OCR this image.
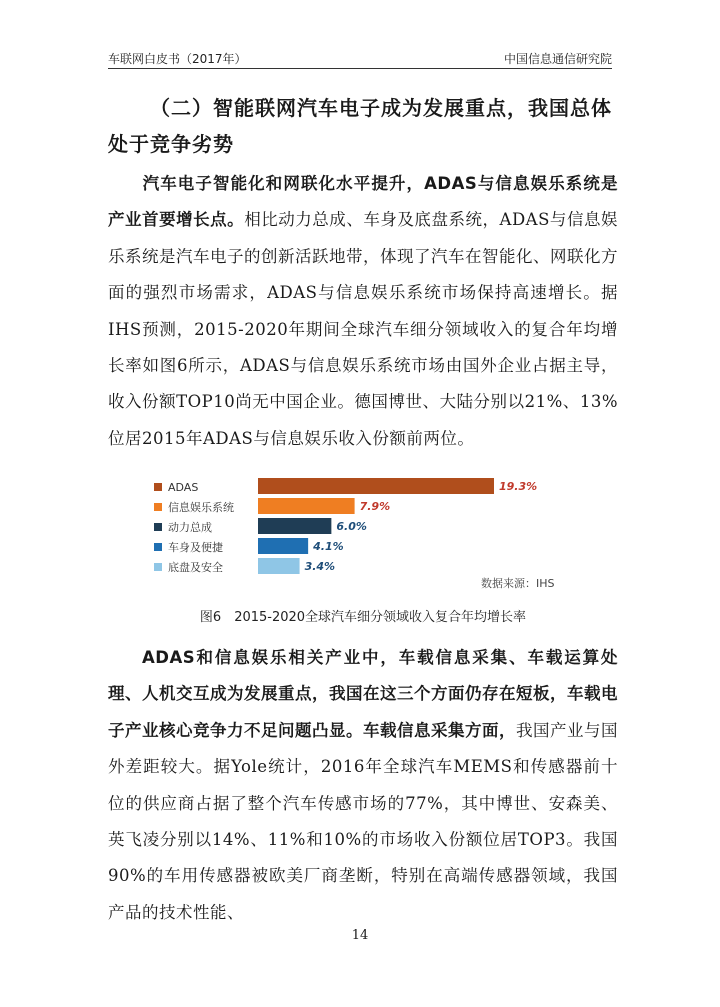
车联网白皮书（2017年）	中国信息通信研究院
（二）智能联网汽车电子成为发展重点，我国总体处于竞争劣势
汽车电子智能化和网联化水平提升，ADAS与信息娱乐系统是产业首要增长点。相比动力总成、车身及底盘系统，ADAS与信息娱乐系统是汽车电子的创新活跃地带，体现了汽车在智能化、网联化方面的强烈市场需求，ADAS与信息娱乐系统市场保持高速增长。据IHS预测，2015-2020年期间全球汽车细分领域收入的复合年均增长率如图6所示，ADAS与信息娱乐系统市场由国外企业占据主导，收入份额TOP10尚无中国企业。德国博世、大陆分别以21%、13%位居2015年ADAS与信息娱乐收入份额前两位。
19.3%
7.9%
6.0%
4.1%
3.4%
ADAS
信息娱乐系统
动力总成
车身及便捷
底盘及安全
数据来源：IHS
图6　2015-2020全球汽车细分领域收入复合年均增长率
ADAS和信息娱乐相关产业中，车载信息采集、车载运算处理、人机交互成为发展重点，我国在这三个方面仍存在短板，车载电子产业核心竞争力不足问题凸显。车载信息采集方面，我国产业与国外差距较大。据Yole统计，2016年全球汽车MEMS和传感器前十位的供应商占据了整个汽车传感市场的77%，其中博世、安森美、英飞凌分别以14%、11%和10%的市场收入份额位居TOP3。我国90%的车用传感器被欧美厂商垄断，特别在高端传感器领域，我国产品的技术性能、
14
